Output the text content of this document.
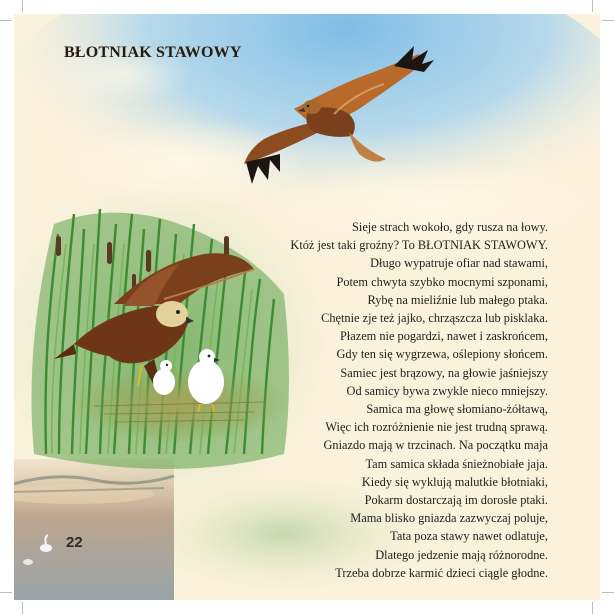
BŁOTNIAK STAWOWY
Sieje strach wokoło, gdy rusza na łowy.
Któż jest taki groźny? To BŁOTNIAK STAWOWY.
Długo wypatruje ofiar nad stawami,
Potem chwyta szybko mocnymi szponami,
Rybę na mieliźnie lub małego ptaka.
Chętnie zje też jajko, chrząszcza lub pisklaka.
Płazem nie pogardzi, nawet i zaskrońcem,
Gdy ten się wygrzewa, oślepiony słońcem.
Samiec jest brązowy, na głowie jaśniejszy
Od samicy bywa zwykle nieco mniejszy.
Samica ma głowę słomiano-żółtawą,
Więc ich rozróżnienie nie jest trudną sprawą.
Gniazdo mają w trzcinach. Na początku maja
Tam samica składa śnieżnobiałe jaja.
Kiedy się wyklują malutkie błotniaki,
Pokarm dostarczają im dorosłe ptaki.
Mama blisko gniazda zazwyczaj poluje,
Tata poza stawy nawet odlatuje,
Dlatego jedzenie mają różnorodne.
Trzeba dobrze karmić dzieci ciągle głodne.
22
